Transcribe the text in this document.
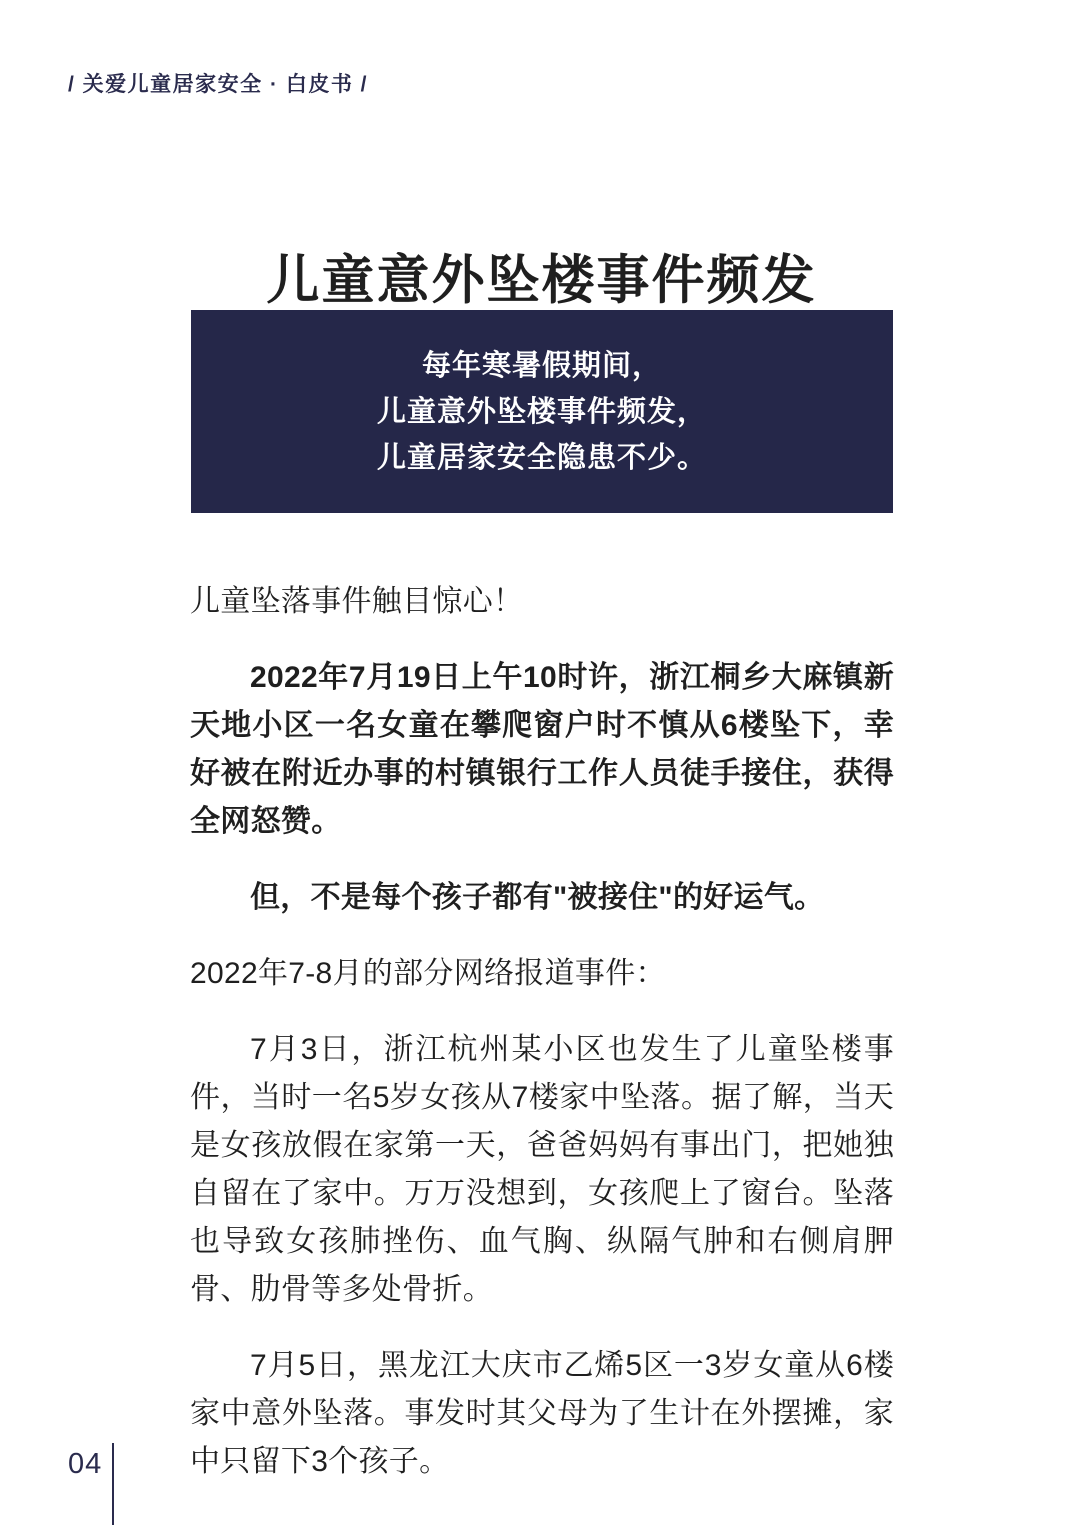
/ 关爱儿童居家安全 · 白皮书 /
儿童意外坠楼事件频发
每年寒暑假期间，
儿童意外坠楼事件频发，
儿童居家安全隐患不少。

儿童坠落事件触目惊心！

2022年7月19日上午10时许，浙江桐乡大麻镇新天地小区一名女童在攀爬窗户时不慎从6楼坠下，幸好被在附近办事的村镇银行工作人员徒手接住，获得全网怒赞。

但，不是每个孩子都有"被接住"的好运气。

2022年7-8月的部分网络报道事件：

7月3日，浙江杭州某小区也发生了儿童坠楼事件，当时一名5岁女孩从7楼家中坠落。据了解，当天是女孩放假在家第一天，爸爸妈妈有事出门，把她独自留在了家中。万万没想到，女孩爬上了窗台。坠落也导致女孩肺挫伤、血气胸、纵隔气肿和右侧肩胛骨、肋骨等多处骨折。

7月5日，黑龙江大庆市乙烯5区一3岁女童从6楼家中意外坠落。事发时其父母为了生计在外摆摊，家中只留下3个孩子。

04
